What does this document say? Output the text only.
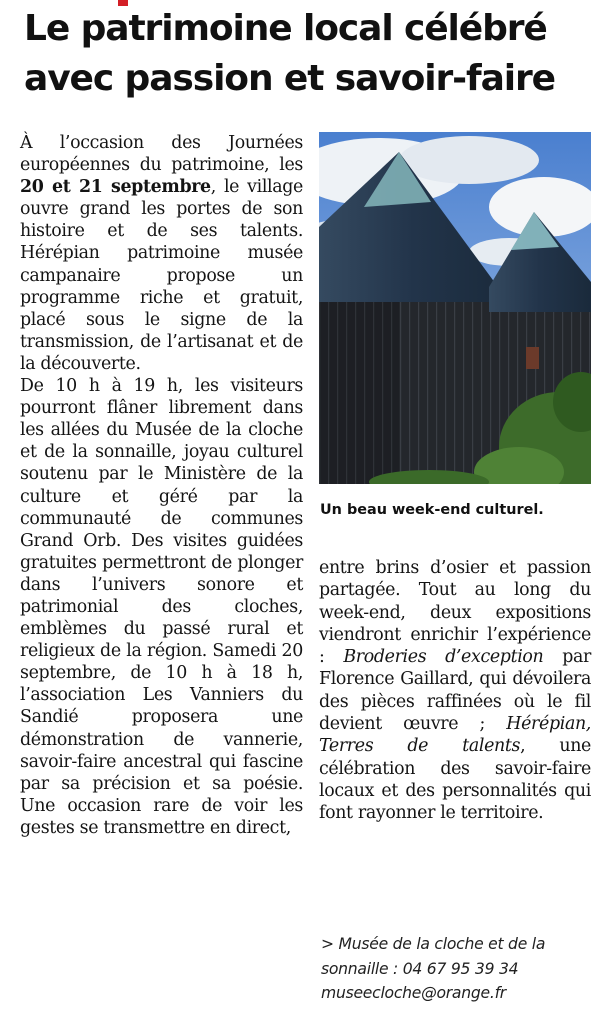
Le patrimoine local célébré
avec passion et savoir-faire

À l’occasion des Journées européennes du patrimoine, les 20 et 21 septembre, le village ouvre grand les portes de son histoire et de ses talents. Hérépian patrimoine musée campanaire propose un programme riche et gratuit, placé sous le signe de la transmission, de l’artisanat et de la découverte.

De 10 h à 19 h, les visiteurs pourront flâner librement dans les allées du Musée de la cloche et de la sonnaille, joyau culturel soutenu par le Ministère de la culture et géré par la communauté de communes Grand Orb. Des visites guidées gratuites permettront de plonger dans l’univers sonore et patrimonial des cloches, emblèmes du passé rural et religieux de la région. Samedi 20 septembre, de 10 h à 18 h, l’association Les Vanniers du Sandié proposera une démonstration de vannerie, savoir-faire ancestral qui fascine par sa précision et sa poésie. Une occasion rare de voir les gestes se transmettre en direct,

Un beau week-end culturel.

entre brins d’osier et passion partagée. Tout au long du week-end, deux expositions viendront enrichir l’expérience : Broderies d’exception par Florence Gaillard, qui dévoilera des pièces raffinées où le fil devient œuvre ; Hérépian, Terres de talents, une célébration des savoir-faire locaux et des personnalités qui font rayonner le territoire.

> Musée de la cloche et de la
sonnaille : 04 67 95 39 34
museecloche@orange.fr
